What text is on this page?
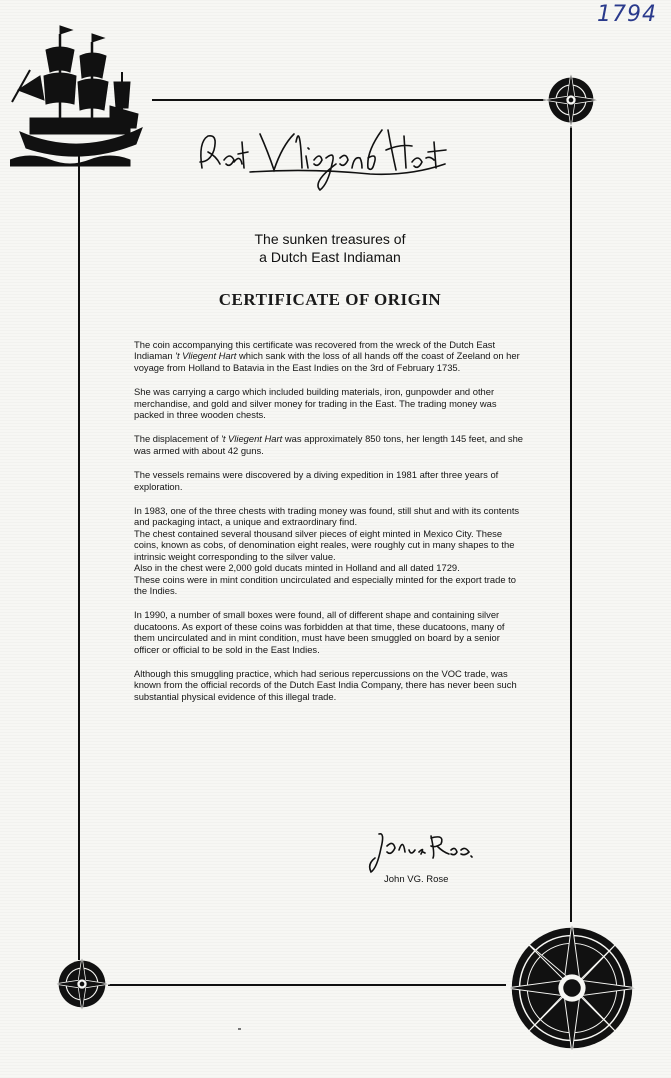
1794
The sunken treasures of
a Dutch East Indiaman
CERTIFICATE OF ORIGIN

The coin accompanying this certificate was recovered from the wreck of the Dutch East Indiaman 't Vliegent Hart which sank with the loss of all hands off the coast of Zeeland on her voyage from Holland to Batavia in the East Indies on the 3rd of February 1735.

She was carrying a cargo which included building materials, iron, gunpowder and other merchandise, and gold and silver money for trading in the East. The trading money was packed in three wooden chests.

The displacement of 't Vliegent Hart was approximately 850 tons, her length 145 feet, and she was armed with about 42 guns.

The vessels remains were discovered by a diving expedition in 1981 after three years of exploration.

In 1983, one of the three chests with trading money was found, still shut and with its contents and packaging intact, a unique and extraordinary find.
The chest contained several thousand silver pieces of eight minted in Mexico City. These coins, known as cobs, of denomination eight reales, were roughly cut in many shapes to the intrinsic weight corresponding to the silver value.
Also in the chest were 2,000 gold ducats minted in Holland and all dated 1729.
These coins were in mint condition uncirculated and especially minted for the export trade to the Indies.

In 1990, a number of small boxes were found, all of different shape and containing silver ducatoons. As export of these coins was forbidden at that time, these ducatoons, many of them uncirculated and in mint condition, must have been smuggled on board by a senior officer or official to be sold in the East Indies.

Although this smuggling practice, which had serious repercussions on the VOC trade, was known from the official records of the Dutch East India Company, there has never been such substantial physical evidence of this illegal trade.

John VG. Rose
